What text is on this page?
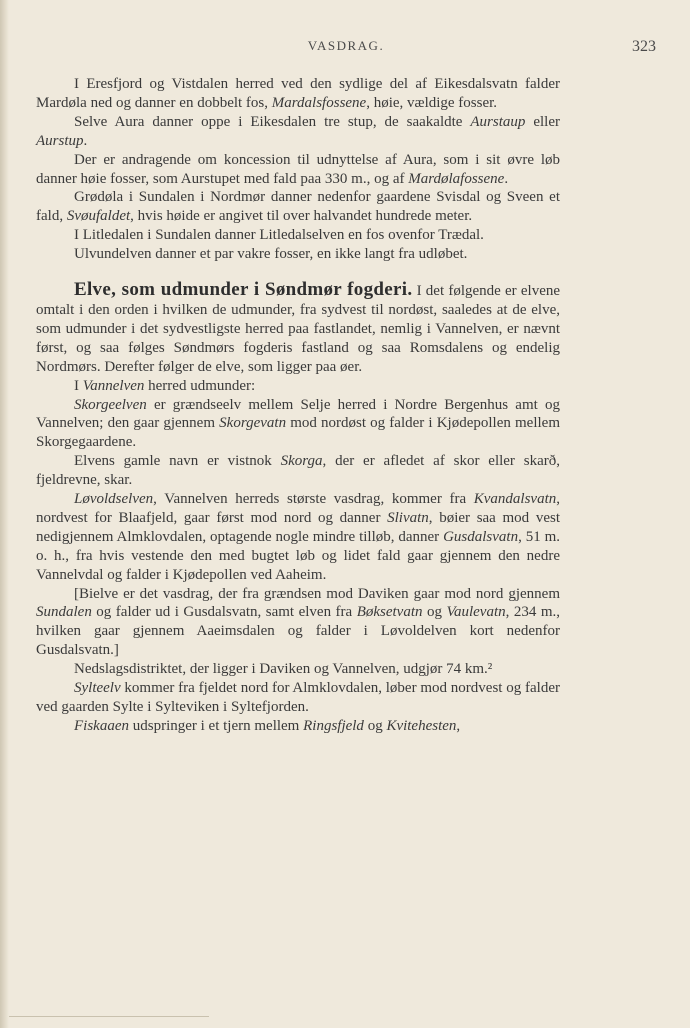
VASDRAG.	323

I Eresfjord og Vistdalen herred ved den sydlige del af Eikesdalsvatn falder Mardøla ned og danner en dobbelt fos, Mardalsfossene, høie, vældige fosser.

Selve Aura danner oppe i Eikesdalen tre stup, de saakaldte Aurstaup eller Aurstup.

Der er andragende om koncession til udnyttelse af Aura, som i sit øvre løb danner høie fosser, som Aurstupet med fald paa 330 m., og af Mardølafossene.

Grødøla i Sundalen i Nordmør danner nedenfor gaardene Svisdal og Sveen et fald, Svøufaldet, hvis høide er angivet til over halvandet hundrede meter.

I Litledalen i Sundalen danner Litledalselven en fos ovenfor Trædal.

Ulvundelven danner et par vakre fosser, en ikke langt fra udløbet.

Elve, som udmunder i Søndmør fogderi. I det følgende er elvene omtalt i den orden i hvilken de udmunder, fra sydvest til nordøst, saaledes at de elve, som udmunder i det sydvestligste herred paa fastlandet, nemlig i Vannelven, er nævnt først, og saa følges Søndmørs fogderis fastland og saa Romsdalens og endelig Nordmørs. Derefter følger de elve, som ligger paa øer.

I Vannelven herred udmunder:

Skorgeelven er grændseelv mellem Selje herred i Nordre Bergenhus amt og Vannelven; den gaar gjennem Skorgevatn mod nordøst og falder i Kjødepollen mellem Skorgegaardene.

Elvens gamle navn er vistnok Skorga, der er afledet af skor eller skarð, fjeldrevne, skar.

Løvoldselven, Vannelven herreds største vasdrag, kommer fra Kvandalsvatn, nordvest for Blaafjeld, gaar først mod nord og danner Slivatn, bøier saa mod vest nedigjennem Almklovdalen, optagende nogle mindre tilløb, danner Gusdalsvatn, 51 m. o. h., fra hvis vestende den med bugtet løb og lidet fald gaar gjennem den nedre Vannelvdal og falder i Kjødepollen ved Aaheim.

[Bielve er det vasdrag, der fra grændsen mod Daviken gaar mod nord gjennem Sundalen og falder ud i Gusdalsvatn, samt elven fra Bøksetvatn og Vaulevatn, 234 m., hvilken gaar gjennem Aaeimsdalen og falder i Løvoldelven kort nedenfor Gusdalsvatn.]

Nedslagsdistriktet, der ligger i Daviken og Vannelven, udgjør 74 km.²

Sylteelv kommer fra fjeldet nord for Almklovdalen, løber mod nordvest og falder ved gaarden Sylte i Sylteviken i Syltefjorden.

Fiskaaen udspringer i et tjern mellem Ringsfjeld og Kvitehesten,
